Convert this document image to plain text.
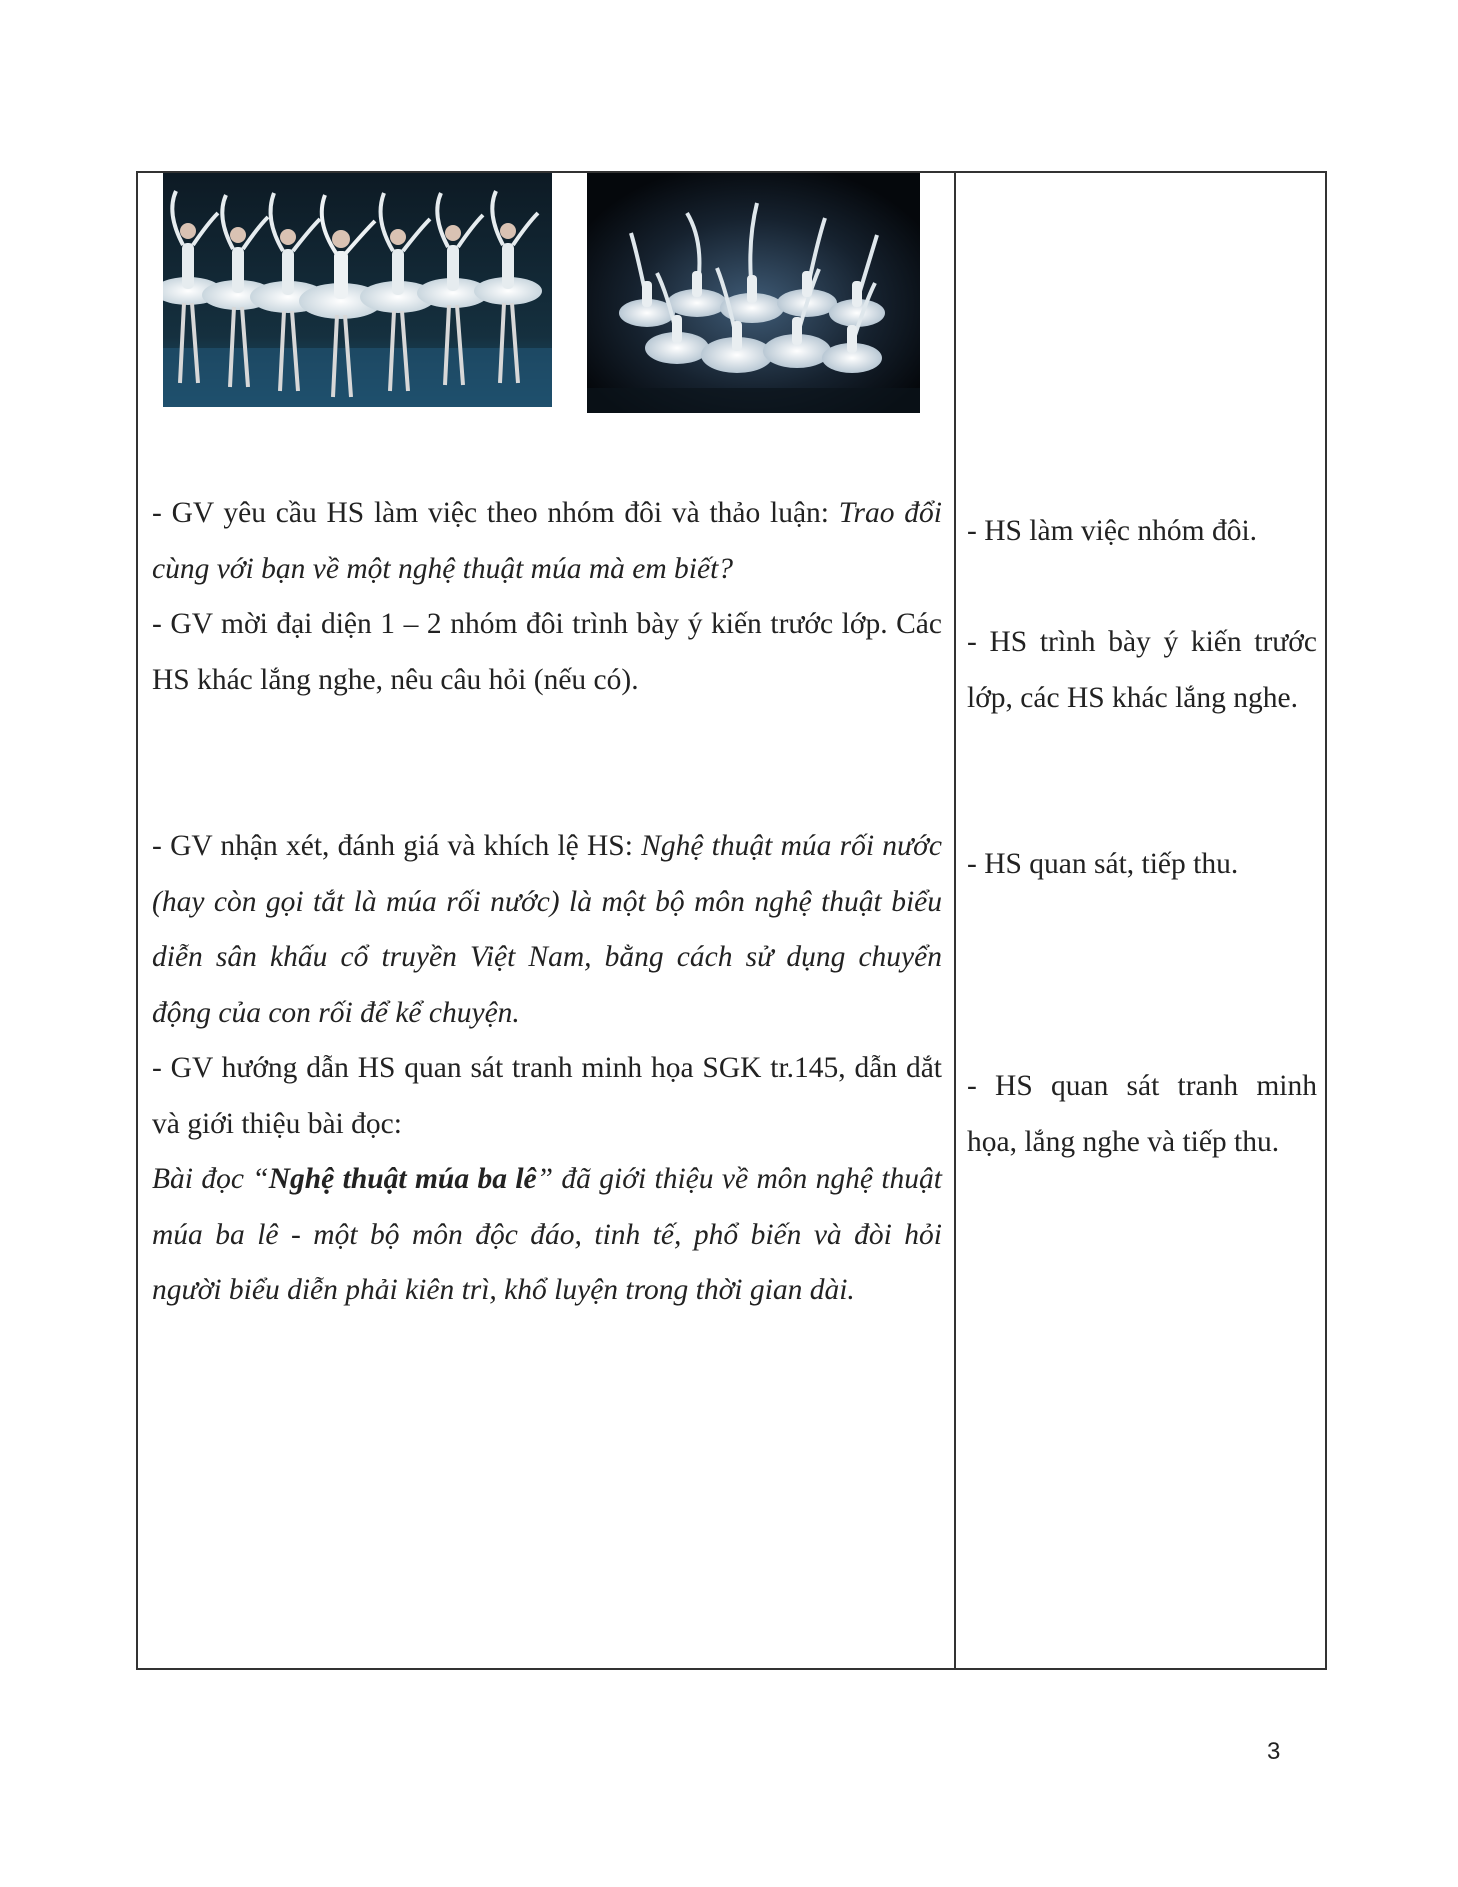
- GV yêu cầu HS làm việc theo nhóm đôi và thảo luận: Trao đổi cùng với bạn về một nghệ thuật múa mà em biết?

- GV mời đại diện 1 – 2 nhóm đôi trình bày ý kiến trước lớp. Các HS khác lắng nghe, nêu câu hỏi (nếu có).

- GV nhận xét, đánh giá và khích lệ HS: Nghệ thuật múa rối nước (hay còn gọi tắt là múa rối nước) là một bộ môn nghệ thuật biểu diễn sân khấu cổ truyền Việt Nam, bằng cách sử dụng chuyển động của con rối để kể chuyện.

- GV hướng dẫn HS quan sát tranh minh họa SGK tr.145, dẫn dắt và giới thiệu bài đọc:

Bài đọc “Nghệ thuật múa ba lê” đã giới thiệu về môn nghệ thuật múa ba lê - một bộ môn độc đáo, tinh tế, phổ biến và đòi hỏi người biểu diễn phải kiên trì, khổ luyện trong thời gian dài.

- HS làm việc nhóm đôi.

- HS trình bày ý kiến trước lớp, các HS khác lắng nghe.

- HS quan sát, tiếp thu.

- HS quan sát tranh minh họa, lắng nghe và tiếp thu.

3
